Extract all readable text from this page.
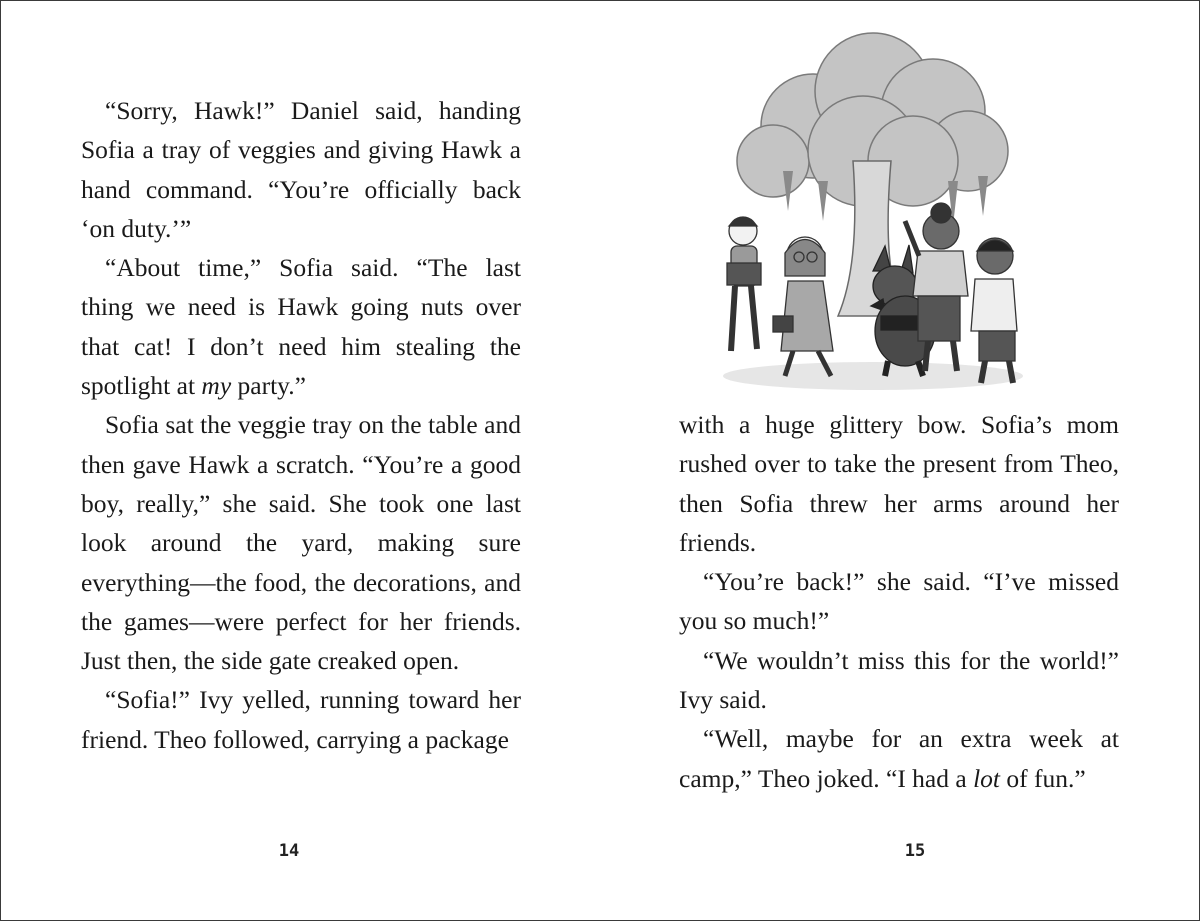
“Sorry, Hawk!” Daniel said, handing Sofia a tray of veggies and giving Hawk a hand command. “You’re officially back ‘on duty.’”

“About time,” Sofia said. “The last thing we need is Hawk going nuts over that cat! I don’t need him stealing the spotlight at my party.”

Sofia sat the veggie tray on the table and then gave Hawk a scratch. “You’re a good boy, really,” she said. She took one last look around the yard, making sure everything—the food, the decorations, and the games—were perfect for her friends. Just then, the side gate creaked open.

“Sofia!” Ivy yelled, running toward her friend. Theo followed, carrying a package

14

with a huge glittery bow. Sofia’s mom rushed over to take the present from Theo, then Sofia threw her arms around her friends.

“You’re back!” she said. “I’ve missed you so much!”

“We wouldn’t miss this for the world!” Ivy said.

“Well, maybe for an extra week at camp,” Theo joked. “I had a lot of fun.”

15
